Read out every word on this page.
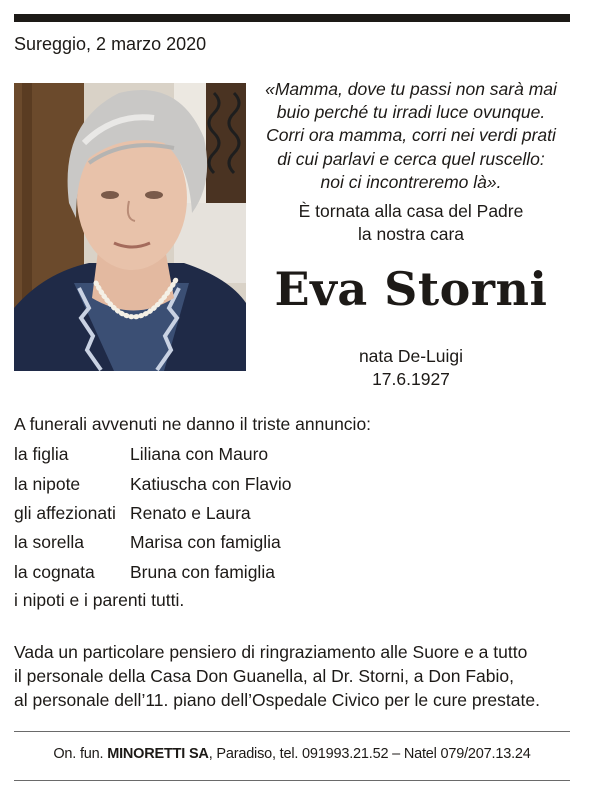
Sureggio, 2 marzo 2020
«Mamma, dove tu passi non sarà mai
buio perché tu irradi luce ovunque.
Corri ora mamma, corri nei verdi prati
di cui parlavi e cerca quel ruscello:
noi ci incontreremo là».
È tornata alla casa del Padre
la nostra cara
Eva Storni
nata De-Luigi
17.6.1927
A funerali avvenuti ne danno il triste annuncio:
la figlia	Liliana con Mauro
la nipote	Katiuscha con Flavio
gli affezionati Renato e Laura
la sorella	Marisa con famiglia
la cognata Bruna con famiglia
i nipoti e i parenti tutti.
Vada un particolare pensiero di ringraziamento alle Suore e a tutto
il personale della Casa Don Guanella, al Dr. Storni, a Don Fabio,
al personale dell’11. piano dell’Ospedale Civico per le cure prestate.
On. fun. MINORETTI SA, Paradiso, tel. 091993.21.52 – Natel 079/207.13.24
